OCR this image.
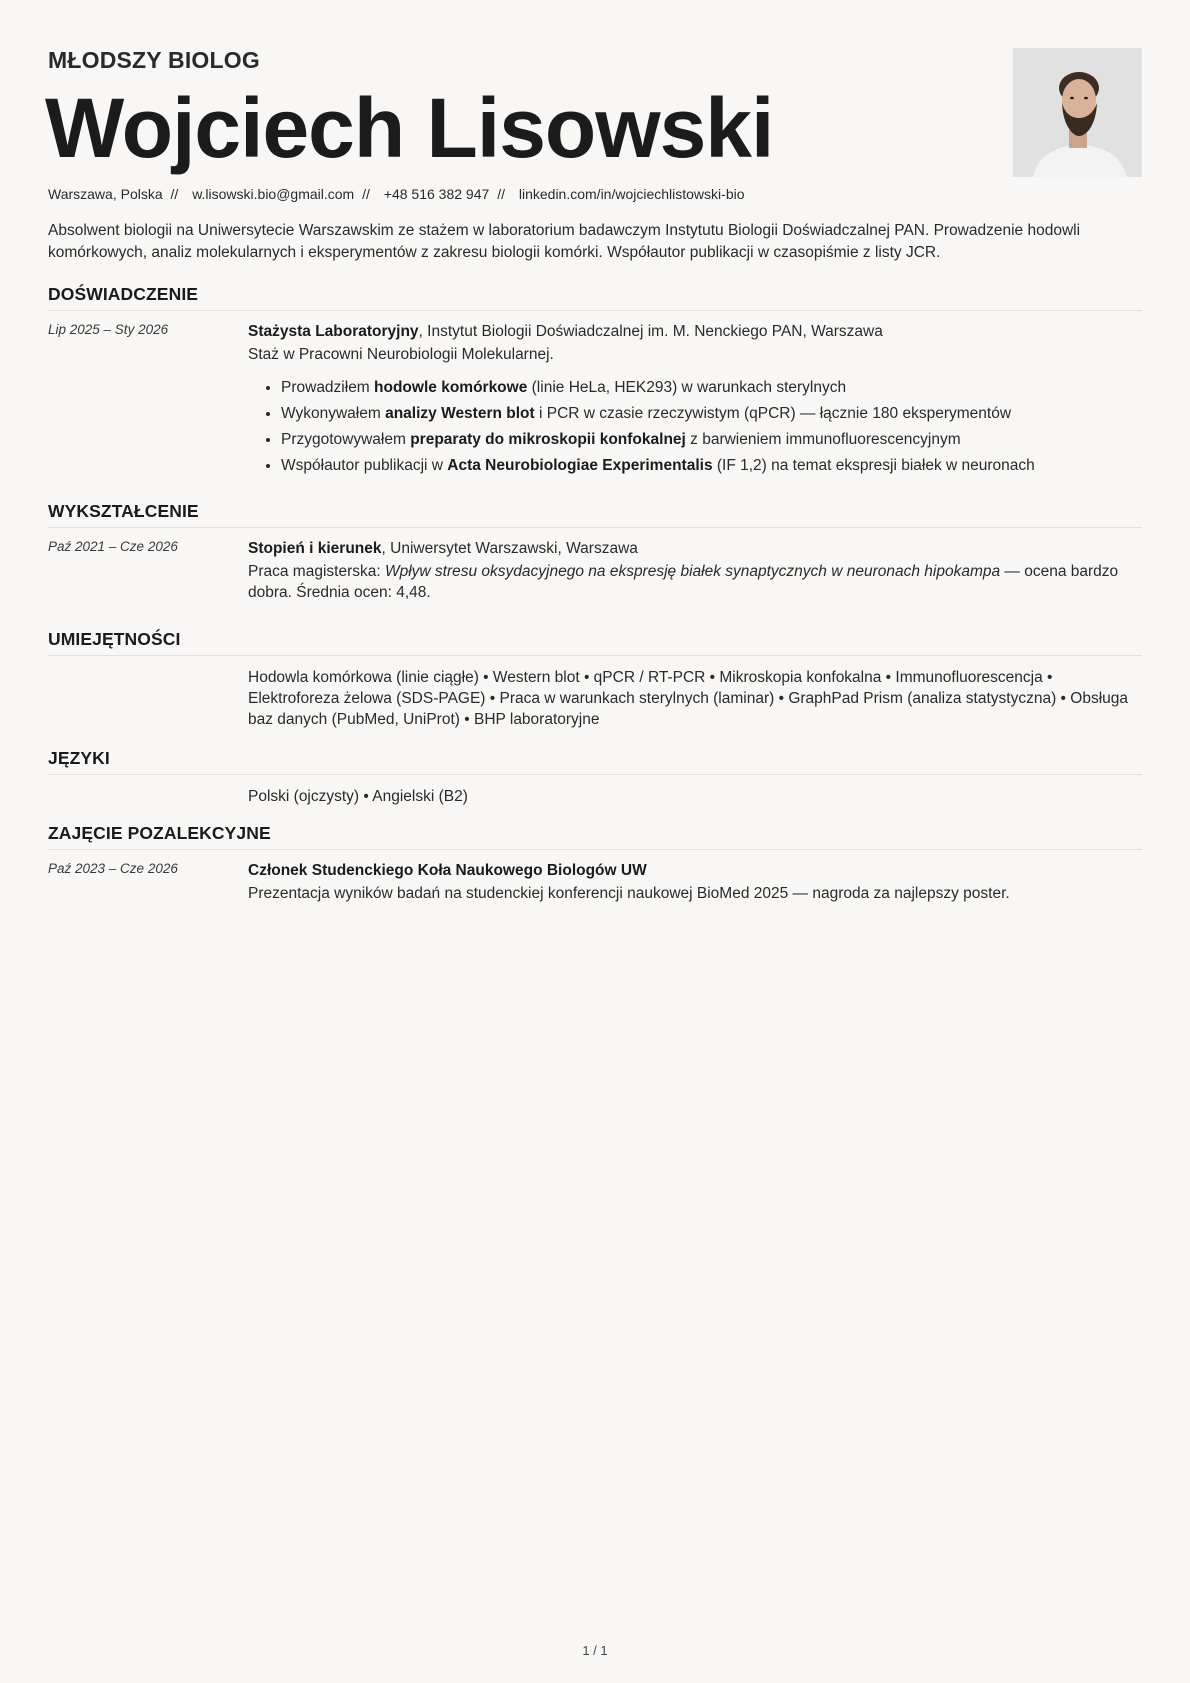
MŁODSZY BIOLOG
Wojciech Lisowski
Warszawa, Polska // w.lisowski.bio@gmail.com // +48 516 382 947 // linkedin.com/in/wojciechlistowski-bio
Absolwent biologii na Uniwersytecie Warszawskim ze stażem w laboratorium badawczym Instytutu Biologii Doświadczalnej PAN. Prowadzenie hodowli komórkowych, analiz molekularnych i eksperymentów z zakresu biologii komórki. Współautor publikacji w czasopiśmie z listy JCR.
DOŚWIADCZENIE
Lip 2025 – Sty 2026	Stażysta Laboratoryjny, Instytut Biologii Doświadczalnej im. M. Nenckiego PAN, Warszawa
Staż w Pracowni Neurobiologii Molekularnej.
• Prowadziłem hodowle komórkowe (linie HeLa, HEK293) w warunkach sterylnych
• Wykonywałem analizy Western blot i PCR w czasie rzeczywistym (qPCR) — łącznie 180 eksperymentów
• Przygotowywałem preparaty do mikroskopii konfokalnej z barwieniem immunofluorescencyjnym
• Współautor publikacji w Acta Neurobiologiae Experimentalis (IF 1,2) na temat ekspresji białek w neuronach
WYKSZTAŁCENIE
Paź 2021 – Cze 2026	Stopień i kierunek, Uniwersytet Warszawski, Warszawa
Praca magisterska: Wpływ stresu oksydacyjnego na ekspresję białek synaptycznych w neuronach hipokampa — ocena bardzo dobra. Średnia ocen: 4,48.
UMIEJĘTNOŚCI
Hodowla komórkowa (linie ciągłe) • Western blot • qPCR / RT-PCR • Mikroskopia konfokalna • Immunofluorescencja • Elektroforeza żelowa (SDS-PAGE) • Praca w warunkach sterylnych (laminar) • GraphPad Prism (analiza statystyczna) • Obsługa baz danych (PubMed, UniProt) • BHP laboratoryjne
JĘZYKI
Polski (ojczysty) • Angielski (B2)
ZAJĘCIE POZALEKCYJNE
Paź 2023 – Cze 2026	Członek Studenckiego Koła Naukowego Biologów UW
Prezentacja wyników badań na studenckiej konferencji naukowej BioMed 2025 — nagroda za najlepszy poster.
1 / 1
